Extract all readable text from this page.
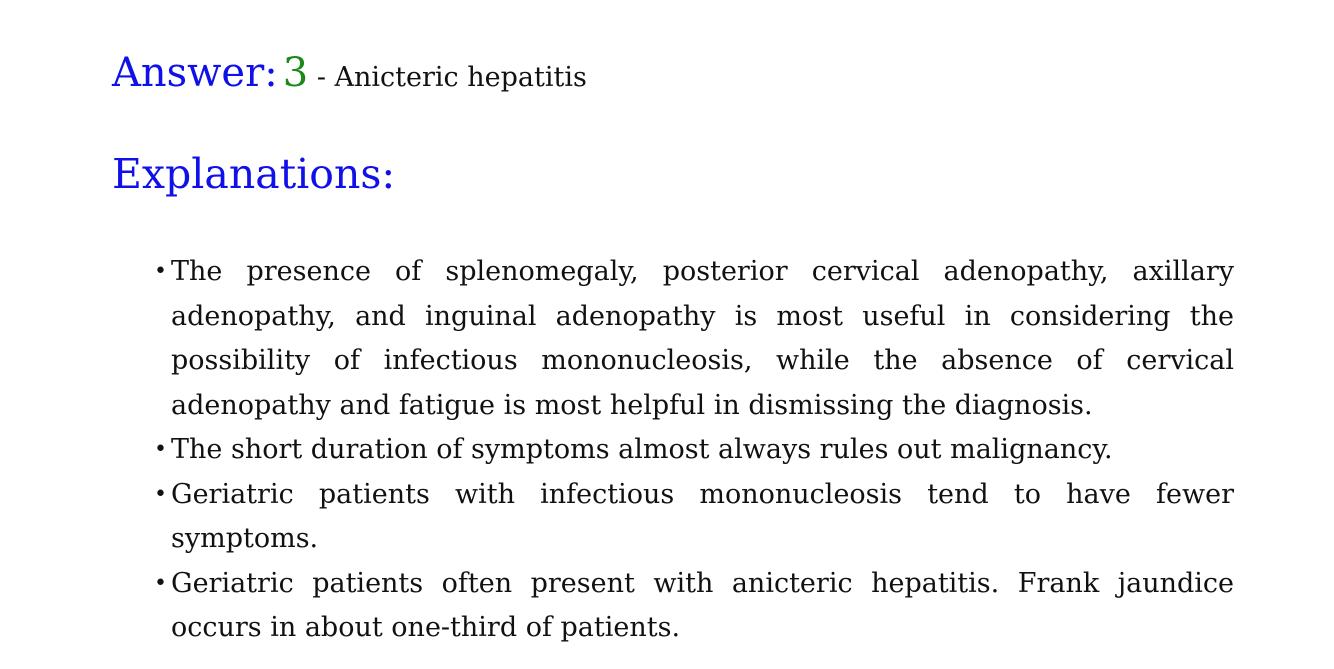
Answer: 3 - Anicteric hepatitis
Explanations:
• The presence of splenomegaly, posterior cervical adenopathy, axillary adenopathy, and inguinal adenopathy is most useful in considering the possibility of infectious mononucleosis, while the absence of cervical adenopathy and fatigue is most helpful in dismissing the diagnosis.
• The short duration of symptoms almost always rules out malignancy.
• Geriatric patients with infectious mononucleosis tend to have fewer symptoms.
• Geriatric patients often present with anicteric hepatitis. Frank jaundice occurs in about one-third of patients.
